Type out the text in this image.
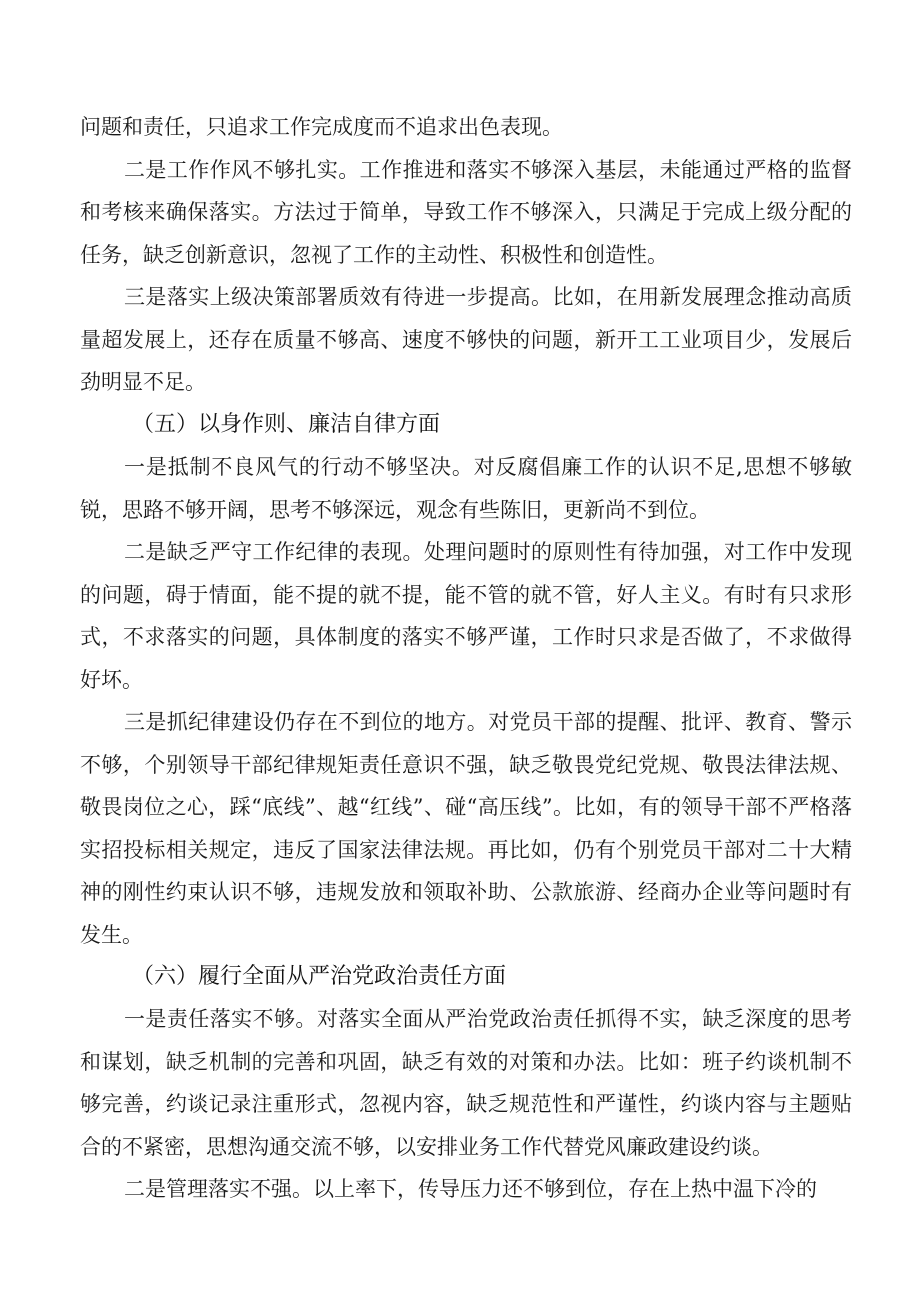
问题和责任，只追求工作完成度而不追求出色表现。

二是工作作风不够扎实。工作推进和落实不够深入基层，未能通过严格的监督和考核来确保落实。方法过于简单，导致工作不够深入，只满足于完成上级分配的任务，缺乏创新意识，忽视了工作的主动性、积极性和创造性。

三是落实上级决策部署质效有待进一步提高。比如，在用新发展理念推动高质量超发展上，还存在质量不够高、速度不够快的问题，新开工工业项目少，发展后劲明显不足。

（五）以身作则、廉洁自律方面

一是抵制不良风气的行动不够坚决。对反腐倡廉工作的认识不足,思想不够敏锐，思路不够开阔，思考不够深远，观念有些陈旧，更新尚不到位。

二是缺乏严守工作纪律的表现。处理问题时的原则性有待加强，对工作中发现的问题，碍于情面，能不提的就不提，能不管的就不管，好人主义。有时有只求形式，不求落实的问题，具体制度的落实不够严谨，工作时只求是否做了，不求做得好坏。

三是抓纪律建设仍存在不到位的地方。对党员干部的提醒、批评、教育、警示不够，个别领导干部纪律规矩责任意识不强，缺乏敬畏党纪党规、敬畏法律法规、敬畏岗位之心，踩“底线”、越“红线”、碰“高压线”。比如，有的领导干部不严格落实招投标相关规定，违反了国家法律法规。再比如，仍有个别党员干部对二十大精神的刚性约束认识不够，违规发放和领取补助、公款旅游、经商办企业等问题时有发生。

（六）履行全面从严治党政治责任方面

一是责任落实不够。对落实全面从严治党政治责任抓得不实，缺乏深度的思考和谋划，缺乏机制的完善和巩固，缺乏有效的对策和办法。比如：班子约谈机制不够完善，约谈记录注重形式，忽视内容，缺乏规范性和严谨性，约谈内容与主题贴合的不紧密，思想沟通交流不够，以安排业务工作代替党风廉政建设约谈。

二是管理落实不强。以上率下，传导压力还不够到位，存在上热中温下冷的
